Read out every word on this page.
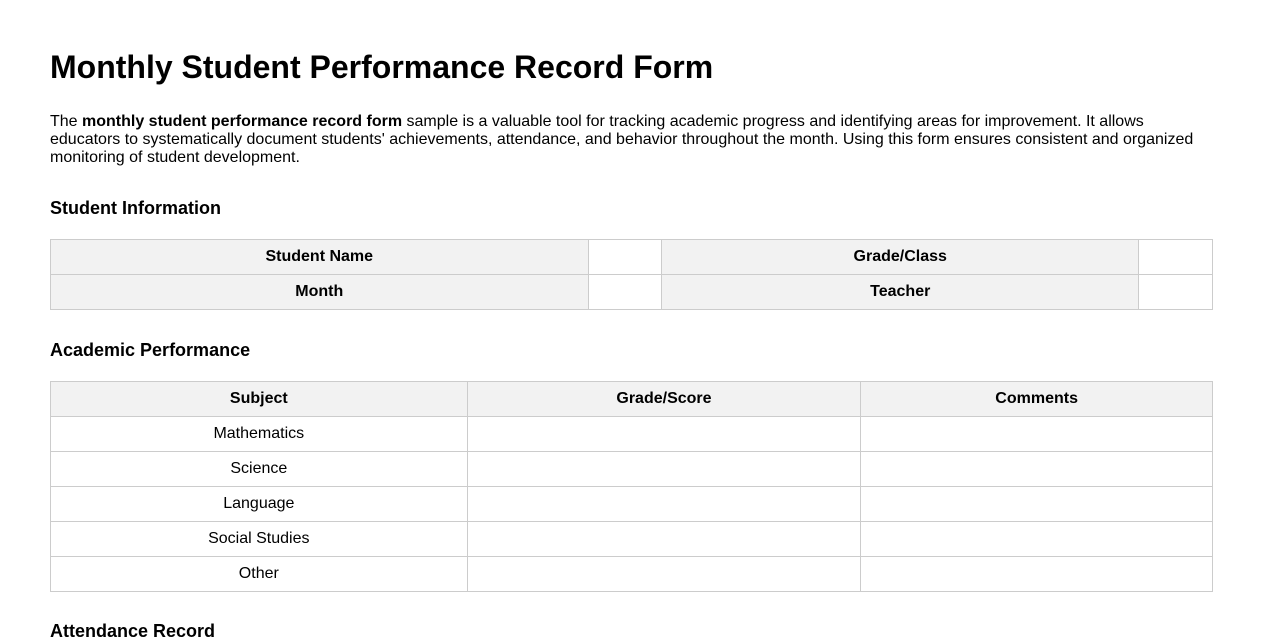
Monthly Student Performance Record Form

The monthly student performance record form sample is a valuable tool for tracking academic progress and identifying areas for improvement. It allows educators to systematically document students' achievements, attendance, and behavior throughout the month. Using this form ensures consistent and organized monitoring of student development.

Student Information
Student Name		Grade/Class	
Month		Teacher	
Academic Performance
Subject	Grade/Score	Comments
Mathematics		
Science		
Language		
Social Studies		
Other		
Attendance Record
